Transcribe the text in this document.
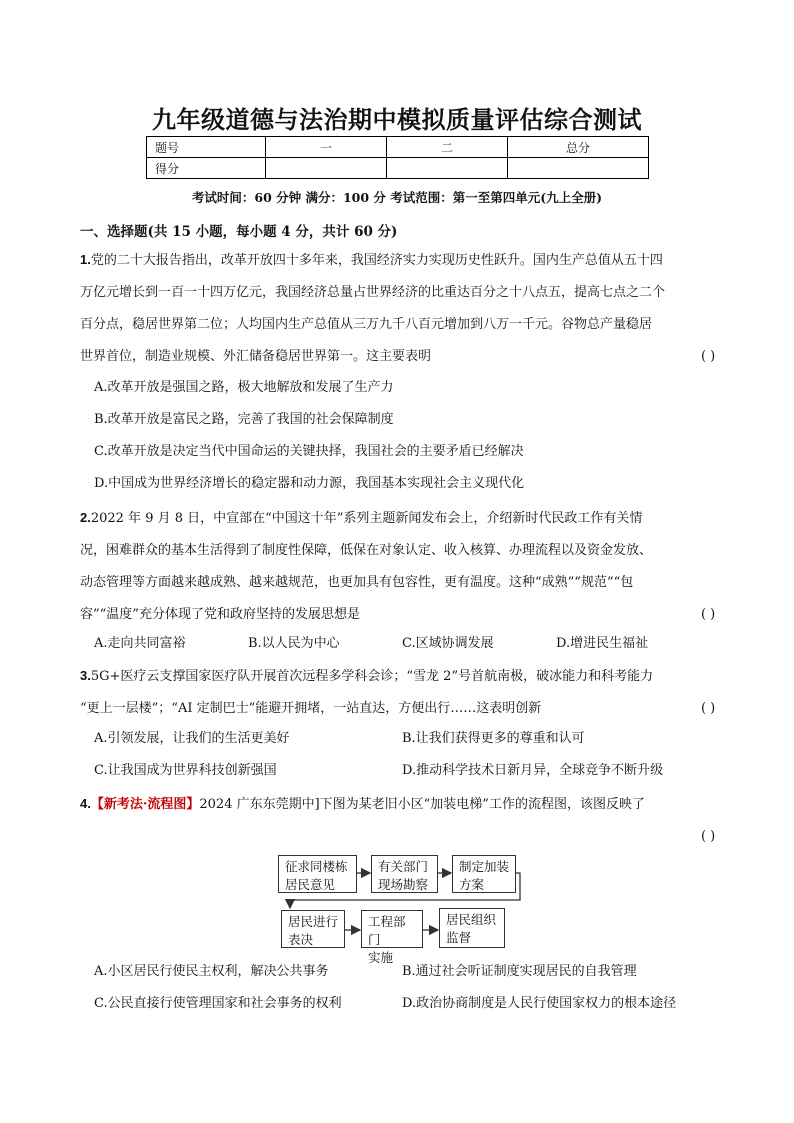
九年级道德与法治期中模拟质量评估综合测试
题号	一	二	总分
得分			
考试时间：60 分钟 满分：100 分 考试范围：第一至第四单元(九上全册)
一、选择题(共 15 小题，每小题 4 分，共计 60 分)
1.党的二十大报告指出，改革开放四十多年来，我国经济实力实现历史性跃升。国内生产总值从五十四
万亿元增长到一百一十四万亿元，我国经济总量占世界经济的比重达百分之十八点五，提高七点之二个
百分点，稳居世界第二位；人均国内生产总值从三万九千八百元增加到八万一千元。谷物总产量稳居
世界首位，制造业规模、外汇储备稳居世界第一。这主要表明	( )
A.改革开放是强国之路，极大地解放和发展了生产力
B.改革开放是富民之路，完善了我国的社会保障制度
C.改革开放是决定当代中国命运的关键抉择，我国社会的主要矛盾已经解决
D.中国成为世界经济增长的稳定器和动力源，我国基本实现社会主义现代化
2.2022 年 9 月 8 日，中宣部在“中国这十年”系列主题新闻发布会上，介绍新时代民政工作有关情
况，困难群众的基本生活得到了制度性保障，低保在对象认定、收入核算、办理流程以及资金发放、
动态管理等方面越来越成熟、越来越规范，也更加具有包容性，更有温度。这种“成熟”“规范”“包
容”“温度”充分体现了党和政府坚持的发展思想是	( )
A.走向共同富裕	B.以人民为中心	C.区域协调发展	D.增进民生福祉
3.5G+医疗云支撑国家医疗队开展首次远程多学科会诊；“雪龙 2”号首航南极，破冰能力和科考能力
“更上一层楼”；“AI 定制巴士”能避开拥堵，一站直达，方便出行……这表明创新	( )
A.引领发展，让我们的生活更美好	B.让我们获得更多的尊重和认可
C.让我国成为世界科技创新强国	D.推动科学技术日新月异，全球竞争不断升级
4.【新考法·流程图】2024 广东东莞期中]下图为某老旧小区“加装电梯”工作的流程图，该图反映了
( )
征求同楼栋
居民意见
有关部门
现场勘察
制定加装
方案
居民进行
表决
工程部门
实施
居民组织
监督
A.小区居民行使民主权利，解决公共事务	B.通过社会听证制度实现居民的自我管理
C.公民直接行使管理国家和社会事务的权利	D.政治协商制度是人民行使国家权力的根本途径
